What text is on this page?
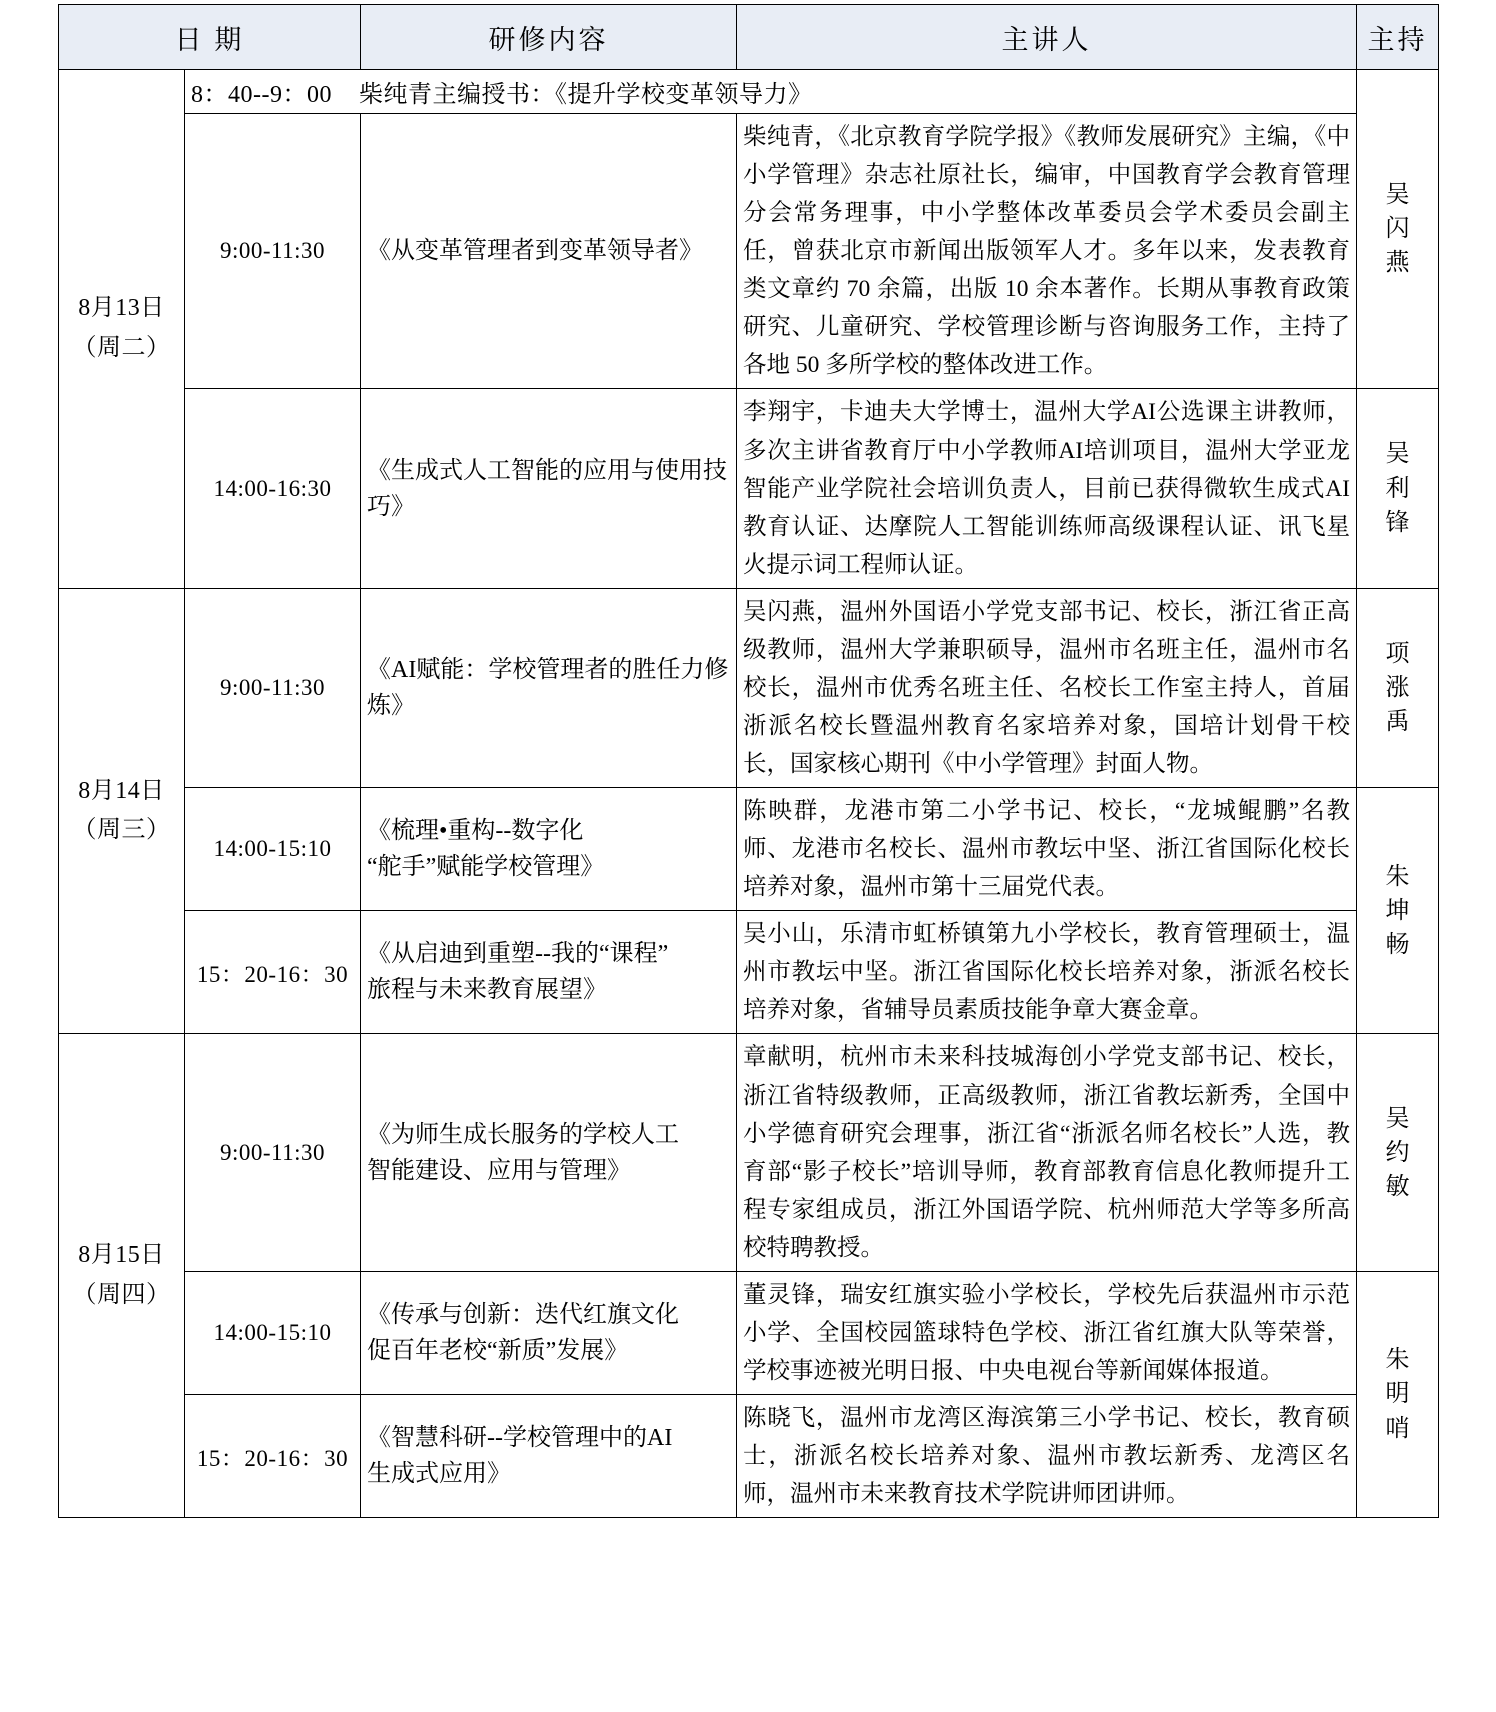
日 期		研修内容	主讲人	主持
8月13日
（周二）	8：40--9：00 柴纯青主编授书：《提升学校变革领导力》			吴闪燕

	9:00-11:30	《从变革管理者到变革领导者》	柴纯青，《北京教育学院学报》《教师发展研究》主编，《中小学管理》杂志社原社长，编审，中国教育学会教育管理分会常务理事，中小学整体改革委员会学术委员会副主任，曾获北京市新闻出版领军人才。多年以来，发表教育类文章约 70 余篇，出版 10 余本著作。长期从事教育政策研究、儿童研究、学校管理诊断与咨询服务工作，主持了各地 50 多所学校的整体改进工作。	
	14:00-16:30	《生成式人工智能的应用与使用技巧》	李翔宇，卡迪夫大学博士，温州大学AI公选课主讲教师，多次主讲省教育厅中小学教师AI培训项目，温州大学亚龙智能产业学院社会培训负责人，目前已获得微软生成式AI教育认证、达摩院人工智能训练师高级课程认证、讯飞星火提示词工程师认证。	吴利锋

8月14日
（周三）	9:00-11:30	《AI赋能：学校管理者的胜任力修炼》	吴闪燕，温州外国语小学党支部书记、校长，浙江省正高级教师，温州大学兼职硕导，温州市名班主任，温州市名校长，温州市优秀名班主任、名校长工作室主持人，首届浙派名校长暨温州教育名家培养对象，国培计划骨干校长，国家核心期刊《中小学管理》封面人物。	项涨禹

	14:00-15:10	《梳理•重构--数字化
“舵手”赋能学校管理》	陈映群，龙港市第二小学书记、校长，“龙城鲲鹏”名教师、龙港市名校长、温州市教坛中坚、浙江省国际化校长培养对象，温州市第十三届党代表。	朱坤畅

	15：20-16：30	《从启迪到重塑--我的“课程”
旅程与未来教育展望》	吴小山，乐清市虹桥镇第九小学校长，教育管理硕士，温州市教坛中坚。浙江省国际化校长培养对象，浙派名校长培养对象，省辅导员素质技能争章大赛金章。	
8月15日
（周四）	9:00-11:30	《为师生成长服务的学校人工
智能建设、应用与管理》	章献明，杭州市未来科技城海创小学党支部书记、校长，浙江省特级教师，正高级教师，浙江省教坛新秀，全国中小学德育研究会理事，浙江省“浙派名师名校长”人选，教育部“影子校长”培训导师，教育部教育信息化教师提升工程专家组成员，浙江外国语学院、杭州师范大学等多所高校特聘教授。	吴约敏

	14:00-15:10	《传承与创新：迭代红旗文化
促百年老校“新质”发展》	董灵锋，瑞安红旗实验小学校长，学校先后获温州市示范小学、全国校园篮球特色学校、浙江省红旗大队等荣誉，学校事迹被光明日报、中央电视台等新闻媒体报道。	朱明哨

	15：20-16：30	《智慧科研--学校管理中的AI
生成式应用》	陈晓飞，温州市龙湾区海滨第三小学书记、校长，教育硕士，浙派名校长培养对象、温州市教坛新秀、龙湾区名师，温州市未来教育技术学院讲师团讲师。	
